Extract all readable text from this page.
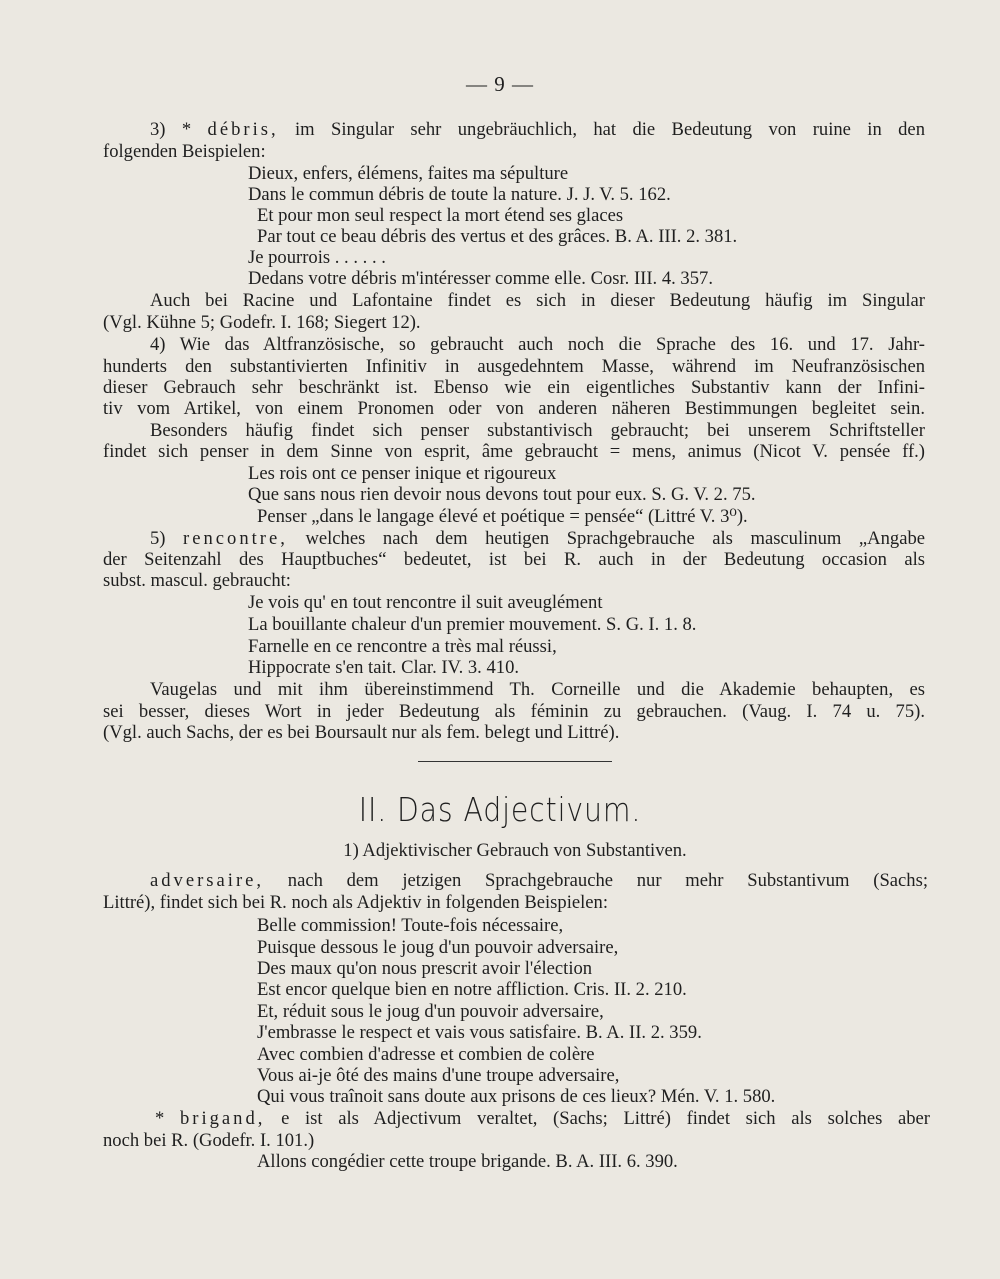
— 9 —
3) * débris, im Singular sehr ungebräuchlich, hat die Bedeutung von ruine in den
folgenden Beispielen:
Dieux, enfers, élémens, faites ma sépulture
Dans le commun débris de toute la nature. J. J. V. 5. 162.
Et pour mon seul respect la mort étend ses glaces
Par tout ce beau débris des vertus et des grâces. B. A. III. 2. 381.
Je pourrois . . . . . .
Dedans votre débris m'intéresser comme elle. Cosr. III. 4. 357.
Auch bei Racine und Lafontaine findet es sich in dieser Bedeutung häufig im Singular
(Vgl. Kühne 5; Godefr. I. 168; Siegert 12).
4) Wie das Altfranzösische, so gebraucht auch noch die Sprache des 16. und 17. Jahr-
hunderts den substantivierten Infinitiv in ausgedehntem Masse, während im Neufranzösischen
dieser Gebrauch sehr beschränkt ist. Ebenso wie ein eigentliches Substantiv kann der Infini-
tiv vom Artikel, von einem Pronomen oder von anderen näheren Bestimmungen begleitet sein.
Besonders häufig findet sich penser substantivisch gebraucht; bei unserem Schriftsteller
findet sich penser in dem Sinne von esprit, âme gebraucht = mens, animus (Nicot V. pensée ff.)
Les rois ont ce penser inique et rigoureux
Que sans nous rien devoir nous devons tout pour eux. S. G. V. 2. 75.
Penser „dans le langage élevé et poétique = pensée“ (Littré V. 3⁰).
5) rencontre, welches nach dem heutigen Sprachgebrauche als masculinum „Angabe
der Seitenzahl des Hauptbuches“ bedeutet, ist bei R. auch in der Bedeutung occasion als
subst. mascul. gebraucht:
Je vois qu' en tout rencontre il suit aveuglément
La bouillante chaleur d'un premier mouvement. S. G. I. 1. 8.
Farnelle en ce rencontre a très mal réussi,
Hippocrate s'en tait. Clar. IV. 3. 410.
Vaugelas und mit ihm übereinstimmend Th. Corneille und die Akademie behaupten, es
sei besser, dieses Wort in jeder Bedeutung als féminin zu gebrauchen. (Vaug. I. 74 u. 75).
(Vgl. auch Sachs, der es bei Boursault nur als fem. belegt und Littré).
II. Das Adjectivum.
1) Adjektivischer Gebrauch von Substantiven.
adversaire, nach dem jetzigen Sprachgebrauche nur mehr Substantivum (Sachs;
Littré), findet sich bei R. noch als Adjektiv in folgenden Beispielen:
Belle commission! Toute-fois nécessaire,
Puisque dessous le joug d'un pouvoir adversaire,
Des maux qu'on nous prescrit avoir l'élection
Est encor quelque bien en notre affliction. Cris. II. 2. 210.
Et, réduit sous le joug d'un pouvoir adversaire,
J'embrasse le respect et vais vous satisfaire. B. A. II. 2. 359.
Avec combien d'adresse et combien de colère
Vous ai-je ôté des mains d'une troupe adversaire,
Qui vous traînoit sans doute aux prisons de ces lieux? Mén. V. 1. 580.
* brigand, e ist als Adjectivum veraltet, (Sachs; Littré) findet sich als solches aber
noch bei R. (Godefr. I. 101.)
Allons congédier cette troupe brigande. B. A. III. 6. 390.
